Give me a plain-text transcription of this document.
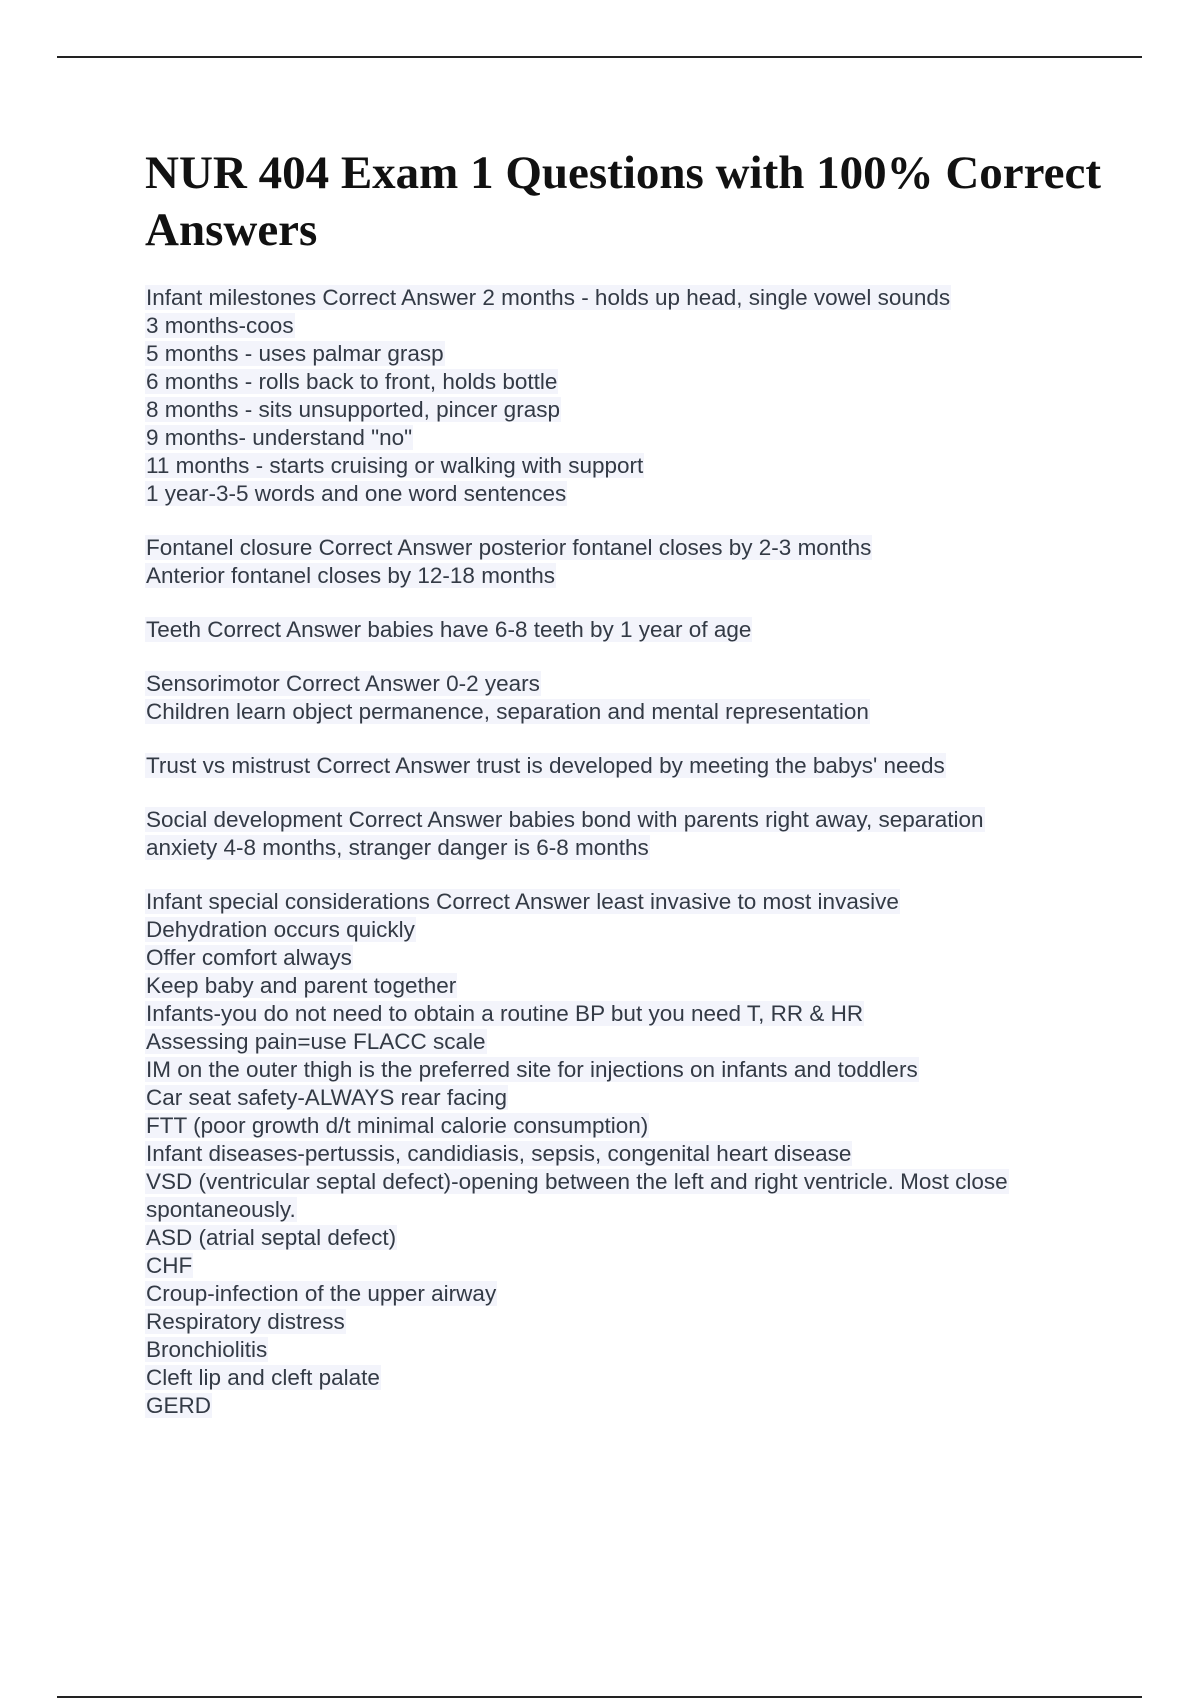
NUR 404 Exam 1 Questions with 100% Correct Answers
Infant milestones Correct Answer 2 months - holds up head, single vowel sounds
3 months-coos
5 months - uses palmar grasp
6 months - rolls back to front, holds bottle
8 months - sits unsupported, pincer grasp
9 months- understand "no"
11 months - starts cruising or walking with support
1 year-3-5 words and one word sentences
Fontanel closure Correct Answer posterior fontanel closes by 2-3 months
Anterior fontanel closes by 12-18 months
Teeth Correct Answer babies have 6-8 teeth by 1 year of age
Sensorimotor Correct Answer 0-2 years
Children learn object permanence, separation and mental representation
Trust vs mistrust Correct Answer trust is developed by meeting the babys' needs
Social development Correct Answer babies bond with parents right away, separation
anxiety 4-8 months, stranger danger is 6-8 months
Infant special considerations Correct Answer least invasive to most invasive
Dehydration occurs quickly
Offer comfort always
Keep baby and parent together
Infants-you do not need to obtain a routine BP but you need T, RR & HR
Assessing pain=use FLACC scale
IM on the outer thigh is the preferred site for injections on infants and toddlers
Car seat safety-ALWAYS rear facing
FTT (poor growth d/t minimal calorie consumption)
Infant diseases-pertussis, candidiasis, sepsis, congenital heart disease
VSD (ventricular septal defect)-opening between the left and right ventricle. Most close
spontaneously.
ASD (atrial septal defect)
CHF
Croup-infection of the upper airway
Respiratory distress
Bronchiolitis
Cleft lip and cleft palate
GERD
